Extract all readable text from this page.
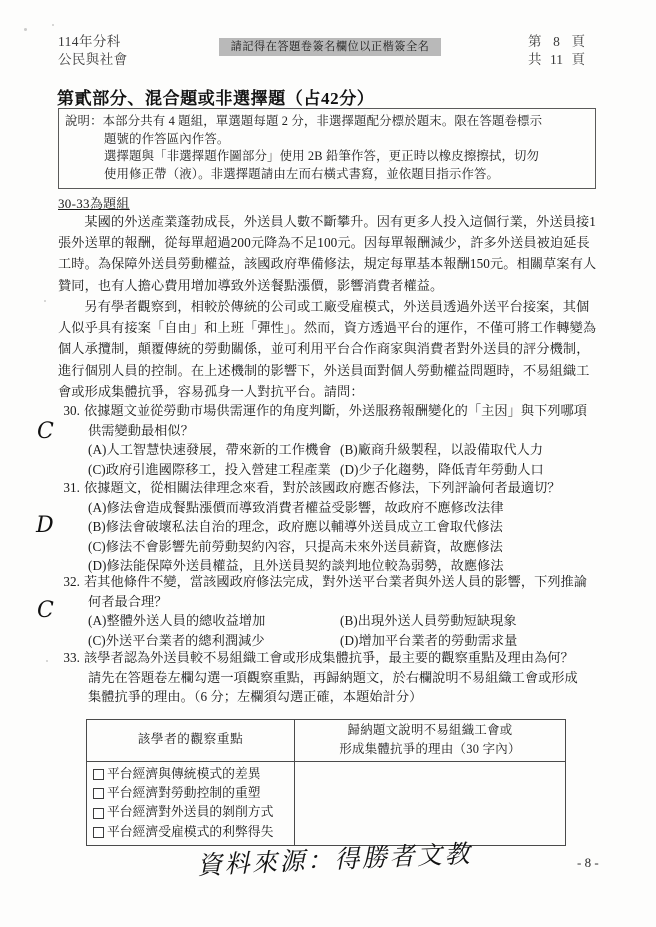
114年分科
公民與社會
請記得在答題卷簽名欄位以正楷簽全名	第 8 頁
共 11 頁
第貳部分、混合題或非選擇題（占42分）
說明：本部分共有 4 題組，單選題每題 2 分，非選擇題配分標於題末。限在答題卷標示
題號的作答區內作答。
選擇題與「非選擇題作圖部分」使用 2B 鉛筆作答，更正時以橡皮擦擦拭，切勿
使用修正帶（液）。非選擇題請由左而右橫式書寫，並依題目指示作答。
30-33為題組

某國的外送產業蓬勃成長，外送員人數不斷攀升。因有更多人投入這個行業，外送員接1張外送單的報酬，從每單超過200元降為不足100元。因每單報酬減少，許多外送員被迫延長工時。為保障外送員勞動權益，該國政府準備修法，規定每單基本報酬150元。相關草案有人贊同，也有人擔心費用增加導致外送餐點漲價，影響消費者權益。

另有學者觀察到，相較於傳統的公司或工廠受雇模式，外送員透過外送平台接案，其個人似乎具有接案「自由」和上班「彈性」。然而，資方透過平台的運作，不僅可將工作轉變為個人承攬制，顛覆傳統的勞動關係，並可利用平台合作商家與消費者對外送員的評分機制，進行個別人員的控制。在上述機制的影響下，外送員面對個人勞動權益問題時，不易組織工會或形成集體抗爭，容易孤身一人對抗平台。請問：

30. 依據題文並從勞動市場供需運作的角度判斷，外送服務報酬變化的「主因」與下列哪項
供需變動最相似？
(A)人工智慧快速發展，帶來新的工作機會 (B)廠商升級製程，以設備取代人力
(C)政府引進國際移工，投入營建工程產業 (D)少子化趨勢，降低青年勞動人口
C
31. 依據題文，從相關法律理念來看，對於該國政府應否修法，下列評論何者最適切？
(A)修法會造成餐點漲價而導致消費者權益受影響，故政府不應修改法律
(B)修法會破壞私法自治的理念，政府應以輔導外送員成立工會取代修法
(C)修法不會影響先前勞動契約內容，只提高未來外送員薪資，故應修法
(D)修法能保障外送員權益，且外送員契約談判地位較為弱勢，故應修法
D
32. 若其他條件不變，當該國政府修法完成，對外送平台業者與外送人員的影響，下列推論
何者最合理？
(A)整體外送人員的總收益增加	(B)出現外送人員勞動短缺現象
(C)外送平台業者的總利潤減少	(D)增加平台業者的勞動需求量
C
33. 該學者認為外送員較不易組織工會或形成集體抗爭，最主要的觀察重點及理由為何？
請先在答題卷左欄勾選一項觀察重點，再歸納題文，於右欄說明不易組織工會或形成
集體抗爭的理由。（6 分；左欄須勾選正確，本題始計分）
該學者的觀察重點	歸納題文說明不易組織工會或
形成集體抗爭的理由（30 字內）

平台經濟與傳統模式的差異
平台經濟對勞動控制的重塑
平台經濟對外送員的剝削方式
平台經濟受雇模式的利弊得失	

資料來源：得勝者文教	- 8 -
